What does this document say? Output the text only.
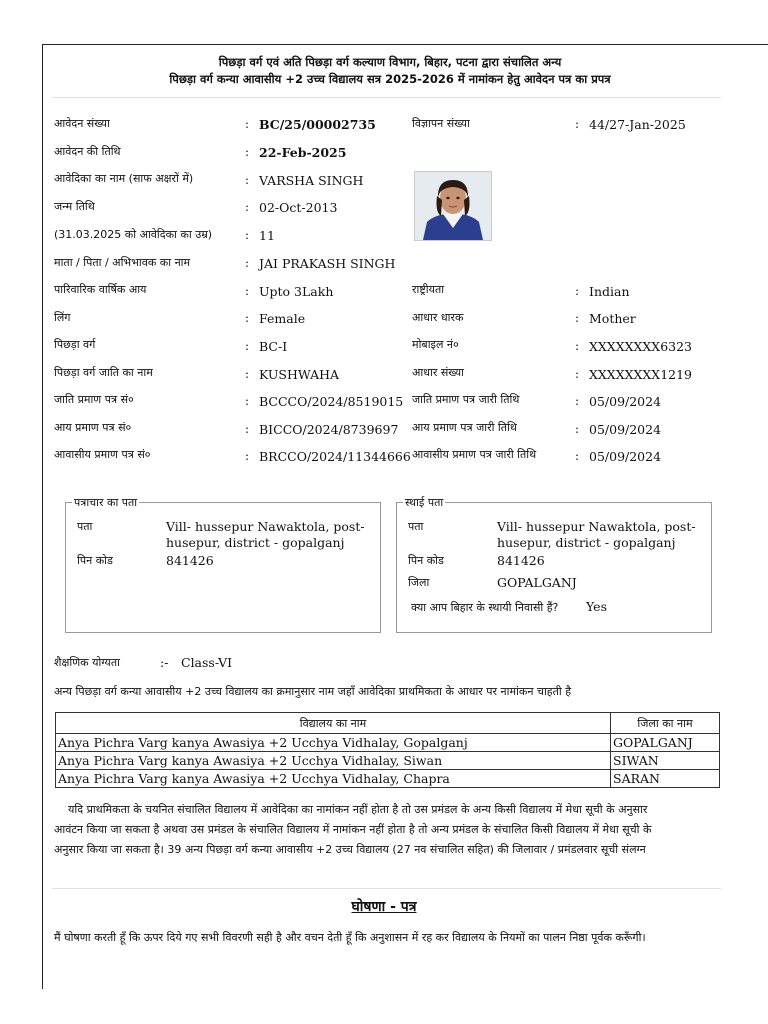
पिछड़ा वर्ग एवं अति पिछड़ा वर्ग कल्याण विभाग, बिहार, पटना द्वारा संचालित अन्य
पिछड़ा वर्ग कन्या आवासीय +2 उच्च विद्यालय सत्र 2025-2026 में नामांकन हेतु आवेदन पत्र का प्रपत्र
आवेदन संख्या	: BC/25/00002735	विज्ञापन संख्या	: 44/27-Jan-2025
आवेदन की तिथि	: 22-Feb-2025
आवेदिका का नाम (साफ अक्षरों में)	: VARSHA SINGH
जन्म तिथि	: 02-Oct-2013
(31.03.2025 को आवेदिका का उम्र)	: 11
माता / पिता / अभिभावक का नाम	: JAI PRAKASH SINGH
पारिवारिक वार्षिक आय	: Upto 3Lakh	राष्ट्रीयता	: Indian
लिंग	: Female	आधार धारक	: Mother
पिछड़ा वर्ग	: BC-I	मोबाइल नं०	: XXXXXXXX6323
पिछड़ा वर्ग जाति का नाम	: KUSHWAHA	आधार संख्या	: XXXXXXXX1219
जाति प्रमाण पत्र सं०	: BCCCO/2024/8519015 जाति प्रमाण पत्र जारी तिथि	: 05/09/2024
आय प्रमाण पत्र सं०	: BICCO/2024/8739697 आय प्रमाण पत्र जारी तिथि	: 05/09/2024
आवासीय प्रमाण पत्र सं०	: BRCCO/2024/11344666 आवासीय प्रमाण पत्र जारी तिथि	: 05/09/2024
पत्राचार का पता
पता	Vill- hussepur Nawaktola, post-
husepur, district - gopalganj
पिन कोड	841426
स्थाई पता
पता	Vill- hussepur Nawaktola, post-
husepur, district - gopalganj
पिन कोड	841426
जिला	GOPALGANJ
क्या आप बिहार के स्थायी निवासी हैं? Yes
शैक्षणिक योग्यता	:- Class-VI
अन्य पिछड़ा वर्ग कन्या आवासीय +2 उच्च विद्यालय का क्रमानुसार नाम जहाँ आवेदिका प्राथमिकता के आधार पर नामांकन चाहती है
विद्यालय का नाम	जिला का नाम
Anya Pichra Varg kanya Awasiya +2 Ucchya Vidhalay, Gopalganj	GOPALGANJ
Anya Pichra Varg kanya Awasiya +2 Ucchya Vidhalay, Siwan	SIWAN
Anya Pichra Varg kanya Awasiya +2 Ucchya Vidhalay, Chapra	SARAN
यदि प्राथमिकता के चयनित संचालित विद्यालय में आवेदिका का नामांकन नहीं होता है तो उस प्रमंडल के अन्य किसी विद्यालय में मेधा सूची के अनुसार
आवंटन किया जा सकता है अथवा उस प्रमंडल के संचालित विद्यालय में नामांकन नहीं होता है तो अन्य प्रमंडल के संचालित किसी विद्यालय में मेधा सूची के
अनुसार किया जा सकता है। 39 अन्य पिछड़ा वर्ग कन्या आवासीय +2 उच्च विद्यालय (27 नव संचालित सहित) की जिलावार / प्रमंडलवार सूची संलग्न
घोषणा - पत्र
मैं घोषणा करती हूँ कि ऊपर दिये गए सभी विवरणी सही है और वचन देती हूँ कि अनुशासन में रह कर विद्यालय के नियमों का पालन निष्ठा पूर्वक करूँगी।
